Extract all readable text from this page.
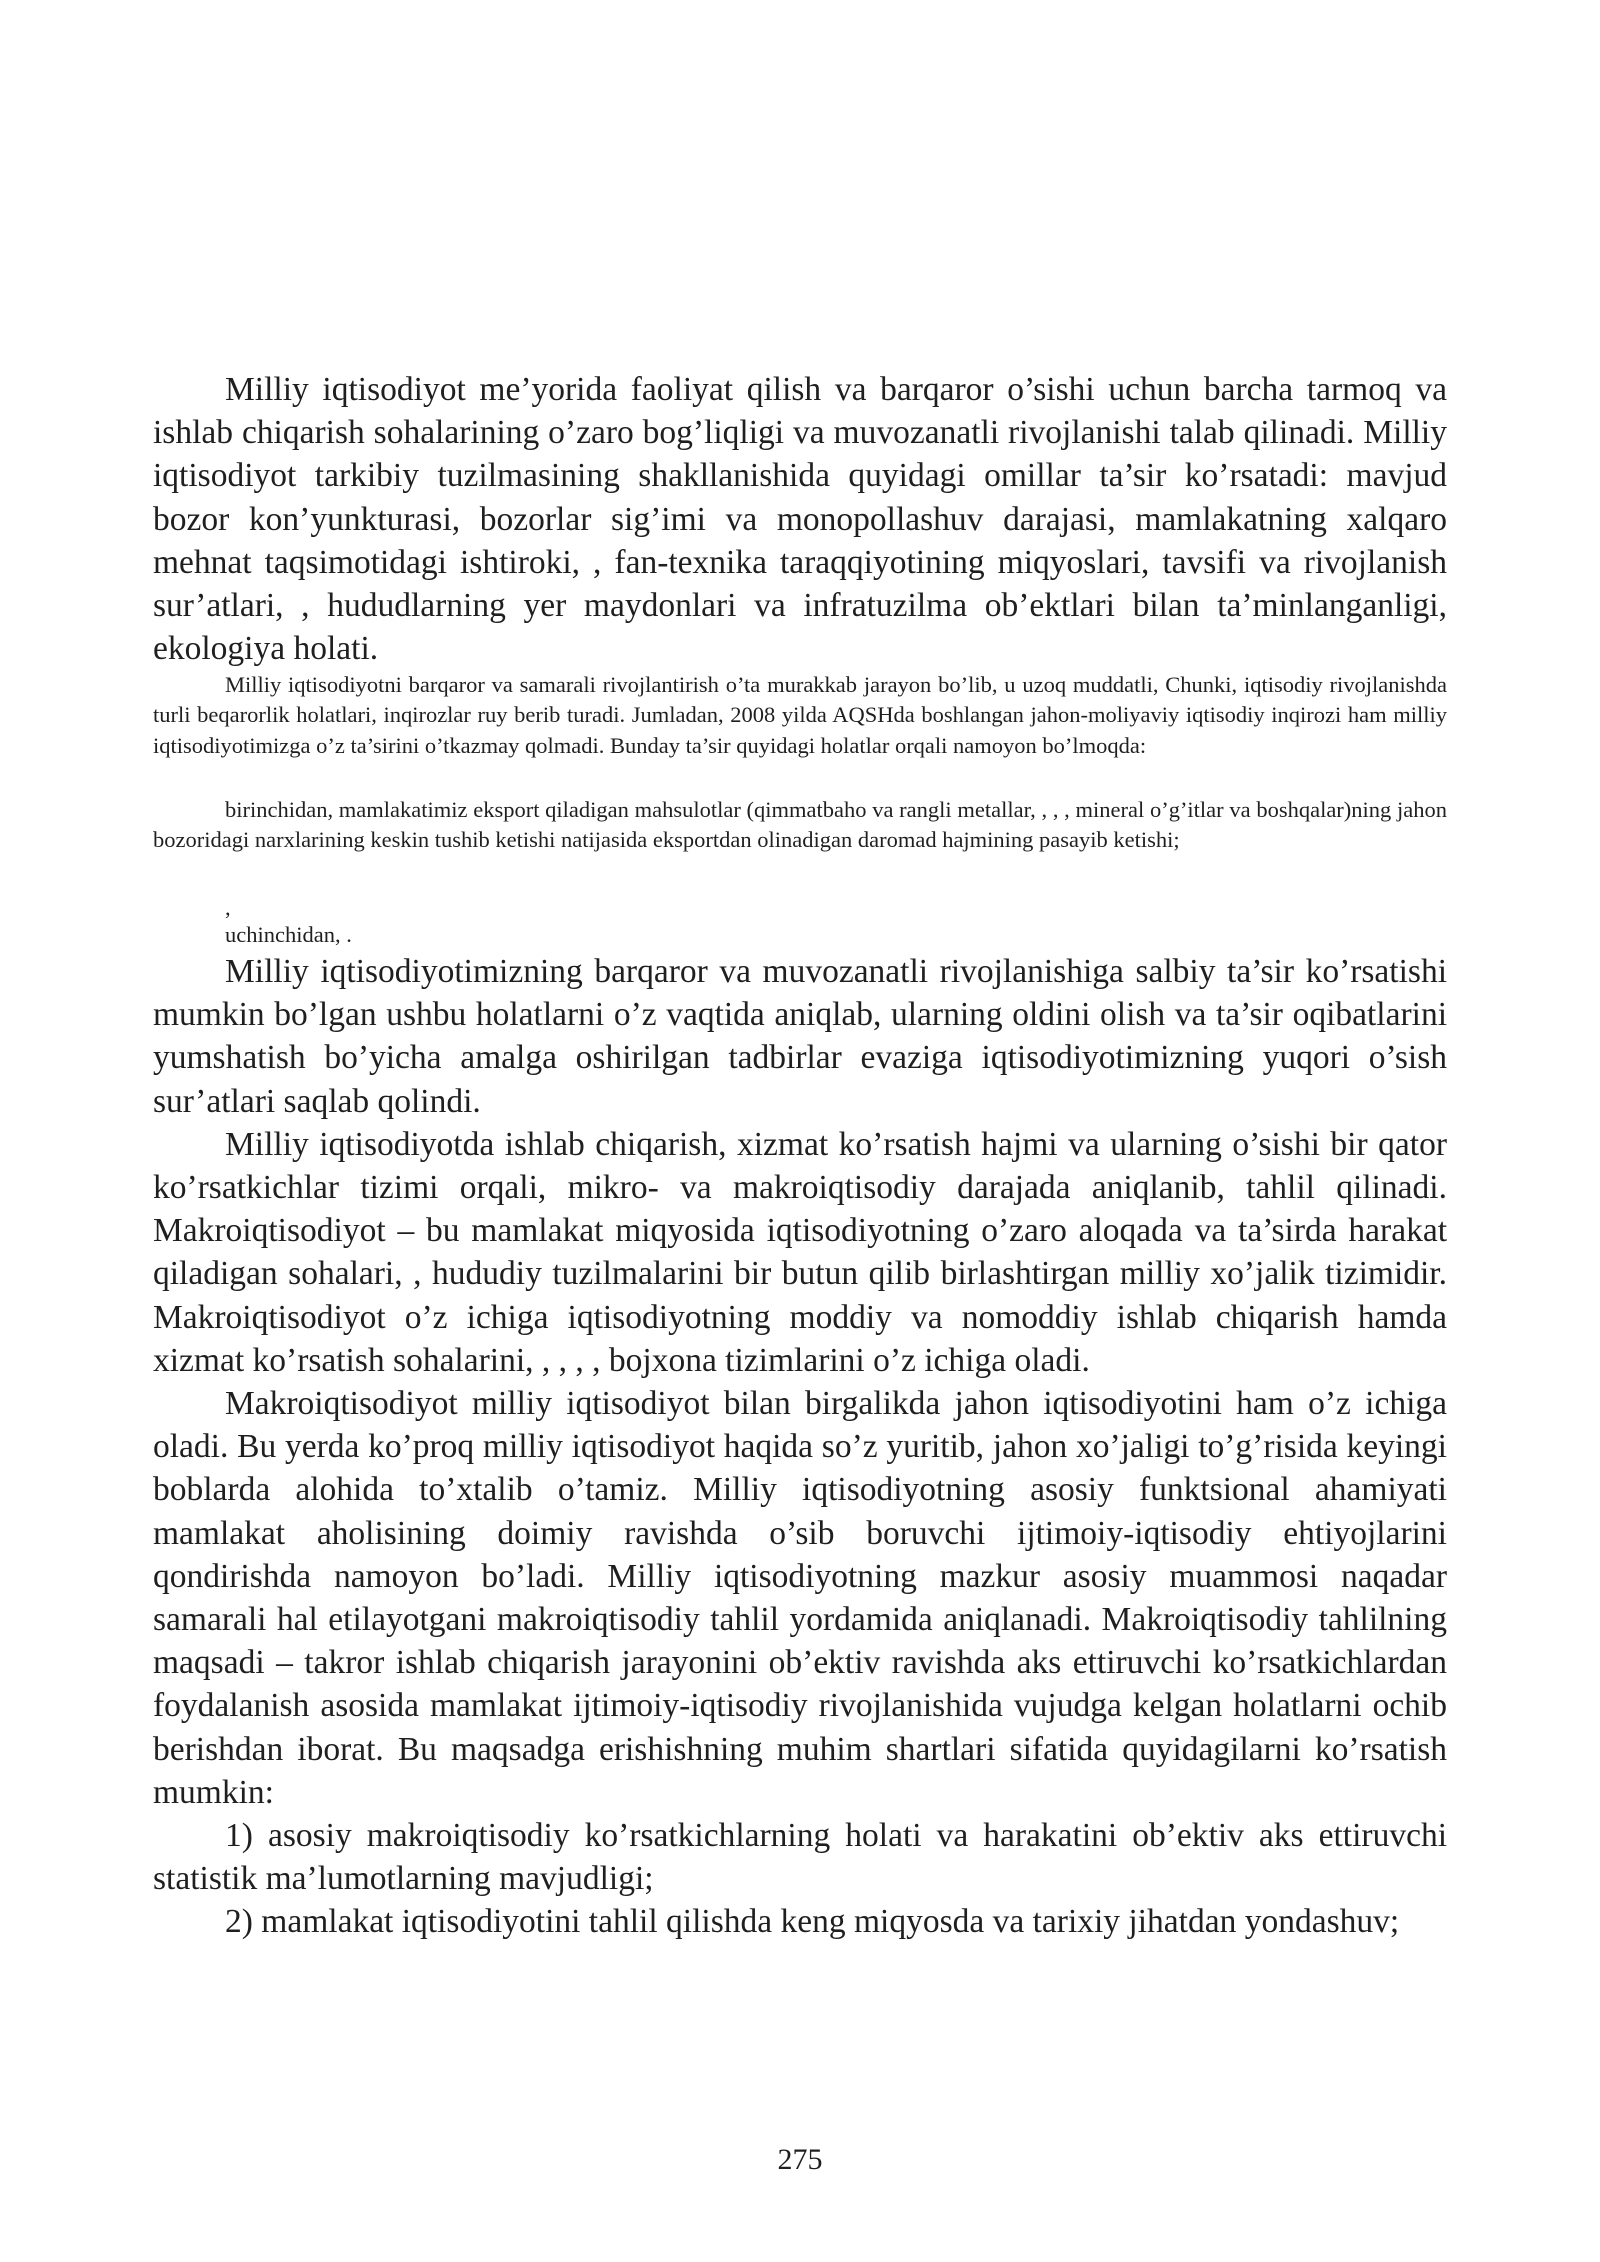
Milliy iqtisodiyot me’yorida faoliyat qilish va barqaror o’sishi uchun barcha tarmoq va ishlab chiqarish sohalarining o’zaro bog’liqligi va muvozanatli rivojlanishi talab qilinadi. Milliy iqtisodiyot tarkibiy tuzilmasining shakllanishida quyidagi omillar ta’sir ko’rsatadi: mavjud bozor kon’yunkturasi, bozorlar sig’imi va monopollashuv darajasi, mamlakatning xalqaro mehnat taqsimotidagi ishtiroki, , fan-texnika taraqqiyotining miqyoslari, tavsifi va rivojlanish sur’atlari, , hududlarning yer maydonlari va infratuzilma ob’ektlari bilan ta’minlanganligi, ekologiya holati.

Milliy iqtisodiyotni barqaror va samarali rivojlantirish o’ta murakkab jarayon bo’lib, u uzoq muddatli, Chunki, iqtisodiy rivojlanishda turli beqarorlik holatlari, inqirozlar ruy berib turadi. Jumladan, 2008 yilda AQSHda boshlangan jahon-moliyaviy iqtisodiy inqirozi ham milliy iqtisodiyotimizga o’z ta’sirini o’tkazmay qolmadi. Bunday ta’sir quyidagi holatlar orqali namoyon bo’lmoqda:

birinchidan, mamlakatimiz eksport qiladigan mahsulotlar (qimmatbaho va rangli metallar, , , , mineral o’g’itlar va boshqalar)ning jahon bozoridagi narxlarining keskin tushib ketishi natijasida eksportdan olinadigan daromad hajmining pasayib ketishi;

,
uchinchidan, .

Milliy iqtisodiyotimizning barqaror va muvozanatli rivojlanishiga salbiy ta’sir ko’rsatishi mumkin bo’lgan ushbu holatlarni o’z vaqtida aniqlab, ularning oldini olish va ta’sir oqibatlarini yumshatish bo’yicha amalga oshirilgan tadbirlar evaziga iqtisodiyotimizning yuqori o’sish sur’atlari saqlab qolindi.

Milliy iqtisodiyotda ishlab chiqarish, xizmat ko’rsatish hajmi va ularning o’sishi bir qator ko’rsatkichlar tizimi orqali, mikro- va makroiqtisodiy darajada aniqlanib, tahlil qilinadi. Makroiqtisodiyot – bu mamlakat miqyosida iqtisodiyotning o’zaro aloqada va ta’sirda harakat qiladigan sohalari, , hududiy tuzilmalarini bir butun qilib birlashtirgan milliy xo’jalik tizimidir. Makroiqtisodiyot o’z ichiga iqtisodiyotning moddiy va nomoddiy ishlab chiqarish hamda xizmat ko’rsatish sohalarini, , , , , bojxona tizimlarini o’z ichiga oladi.

Makroiqtisodiyot milliy iqtisodiyot bilan birgalikda jahon iqtisodiyotini ham o’z ichiga oladi. Bu yerda ko’proq milliy iqtisodiyot haqida so’z yuritib, jahon xo’jaligi to’g’risida keyingi boblarda alohida to’xtalib o’tamiz. Milliy iqtisodiyotning asosiy funktsional ahamiyati mamlakat aholisining doimiy ravishda o’sib boruvchi ijtimoiy-iqtisodiy ehtiyojlarini qondirishda namoyon bo’ladi. Milliy iqtisodiyotning mazkur asosiy muammosi naqadar samarali hal etilayotgani makroiqtisodiy tahlil yordamida aniqlanadi. Makroiqtisodiy tahlilning maqsadi – takror ishlab chiqarish jarayonini ob’ektiv ravishda aks ettiruvchi ko’rsatkichlardan foydalanish asosida mamlakat ijtimoiy-iqtisodiy rivojlanishida vujudga kelgan holatlarni ochib berishdan iborat. Bu maqsadga erishishning muhim shartlari sifatida quyidagilarni ko’rsatish mumkin:

1) asosiy makroiqtisodiy ko’rsatkichlarning holati va harakatini ob’ektiv aks ettiruvchi statistik ma’lumotlarning mavjudligi;

2) mamlakat iqtisodiyotini tahlil qilishda keng miqyosda va tarixiy jihatdan yondashuv;

275
